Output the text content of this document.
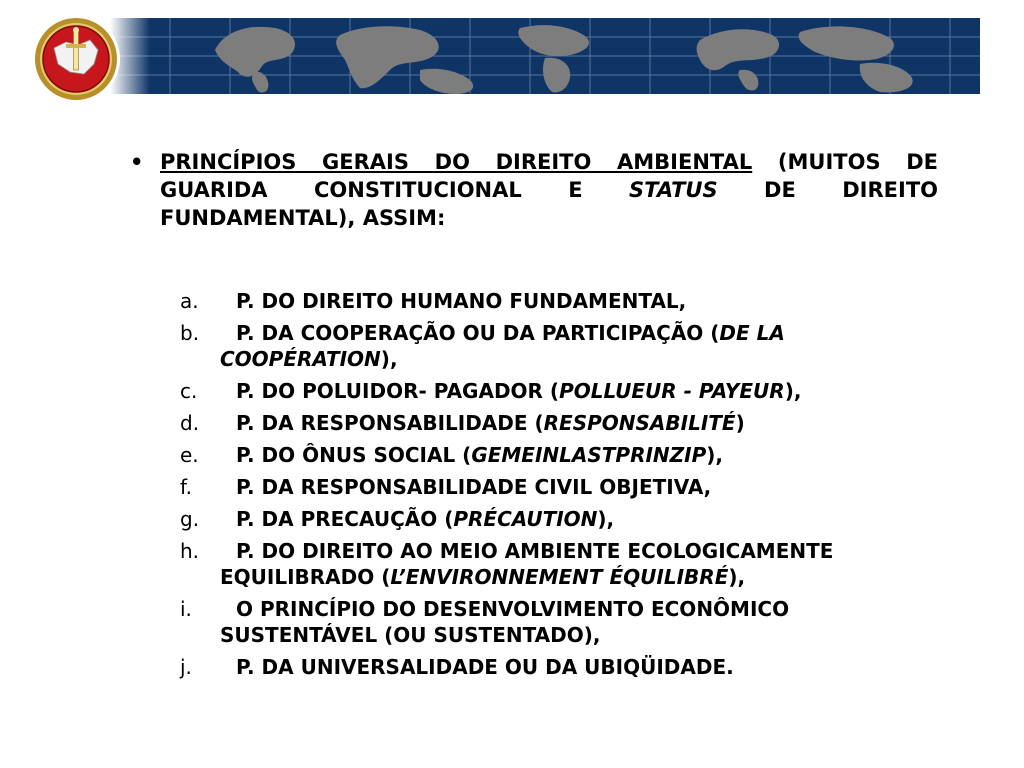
• PRINCÍPIOS GERAIS DO DIREITO AMBIENTAL (MUITOS DE GUARIDA CONSTITUCIONAL E STATUS DE DIREITO FUNDAMENTAL), ASSIM:
a.	P. DO DIREITO HUMANO FUNDAMENTAL,
b.	P. DA COOPERAÇÃO OU DA PARTICIPAÇÃO (DE LA
COOPÉRATION),
c.	P. DO POLUIDOR- PAGADOR (POLLUEUR - PAYEUR),
d.	P. DA RESPONSABILIDADE (RESPONSABILITÉ)
e.	P. DO ÔNUS SOCIAL (GEMEINLASTPRINZIP),
f.	P. DA RESPONSABILIDADE CIVIL OBJETIVA,
g.	P. DA PRECAUÇÃO (PRÉCAUTION),
h.	P. DO DIREITO AO MEIO AMBIENTE ECOLOGICAMENTE
EQUILIBRADO (L’ENVIRONNEMENT ÉQUILIBRÉ),
i.	O PRINCÍPIO DO DESENVOLVIMENTO ECONÔMICO
SUSTENTÁVEL (OU SUSTENTADO),
j.	P. DA UNIVERSALIDADE OU DA UBIQÜIDADE.
